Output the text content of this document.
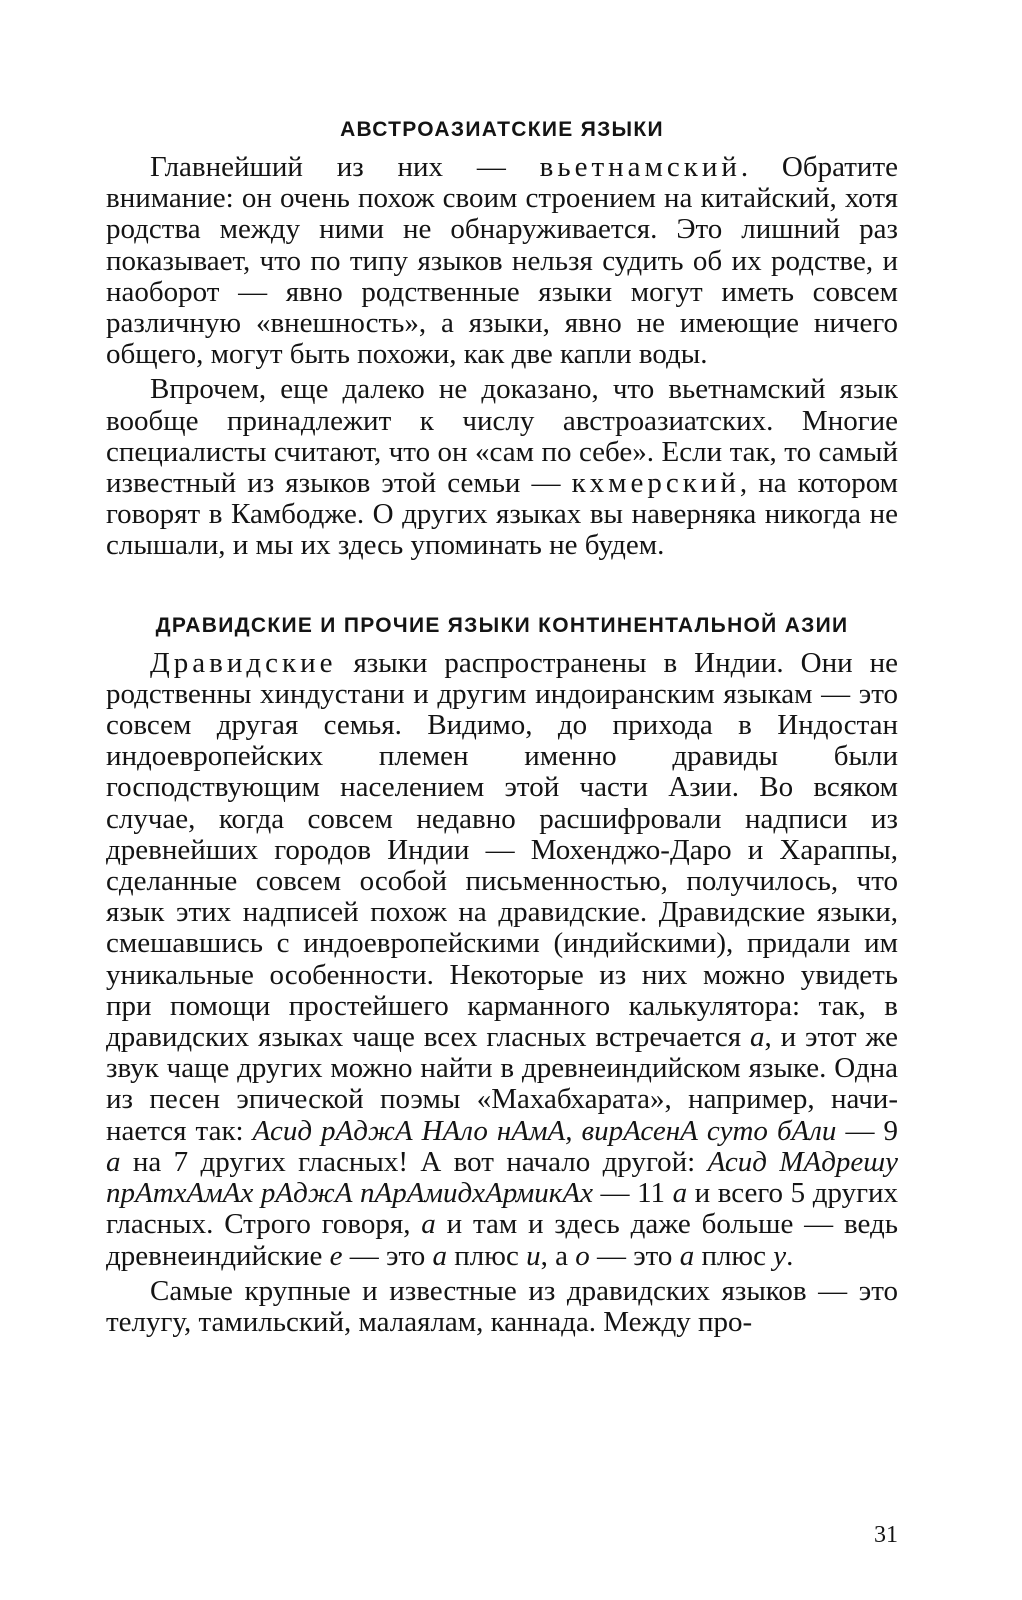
АВСТРОАЗИАТСКИЕ ЯЗЫКИ

Главнейший из них — вьетнамский. Обратите внимание: он очень похож своим строением на китайский, хотя родства между ними не обнаруживается. Это лишний раз показывает, что по типу языков нельзя судить об их родстве, и наоборот — явно родственные языки могут иметь совсем различную «внешность», а языки, явно не имеющие ничего общего, могут быть похожи, как две капли воды.

Впрочем, еще далеко не доказано, что вьетнамский язык вообще принадлежит к числу австроазиатских. Многие специалисты считают, что он «сам по себе». Если так, то самый известный из языков этой семьи — кхмерский, на котором говорят в Камбодже. О других языках вы наверняка никогда не слышали, и мы их здесь упоминать не будем.

ДРАВИДСКИЕ И ПРОЧИЕ ЯЗЫКИ КОНТИНЕНТАЛЬНОЙ АЗИИ

Дравидские языки распространены в Индии. Они не родственны хиндустани и другим индоиранским языкам — это совсем другая семья. Видимо, до прихода в Индостан индоевропейских племен именно дравиды были господствующим населением этой части Азии. Во всяком случае, когда совсем недавно расшифровали надписи из древнейших городов Индии — Мохенджо-Даро и Хараппы, сделанные совсем особой письменностью, получилось, что язык этих надписей похож на дравидские. Дравидские языки, смешавшись с индоевропейскими (индийскими), придали им уникальные особенности. Некоторые из них можно увидеть при помощи простейшего карманного калькулятора: так, в дравидских языках чаще всех гласных встречается а, и этот же звук чаще других можно найти в древнеиндийском языке. Одна из песен эпической поэмы «Махабхарата», например, начинается так: Асид рАджА НАло нАмА, вирАсенА суто бАли — 9 а на 7 других гласных! А вот начало другой: Асид МАдрешу прАтхАмАх рАджА пАрАмидхАрмикАх — 11 а и всего 5 других гласных. Строго говоря, а и там и здесь даже больше — ведь древнеиндийские е — это а плюс и, а о — это а плюс у.

Самые крупные и известные из дравидских языков — это телугу, тамильский, малаялам, каннада. Между про-

31
